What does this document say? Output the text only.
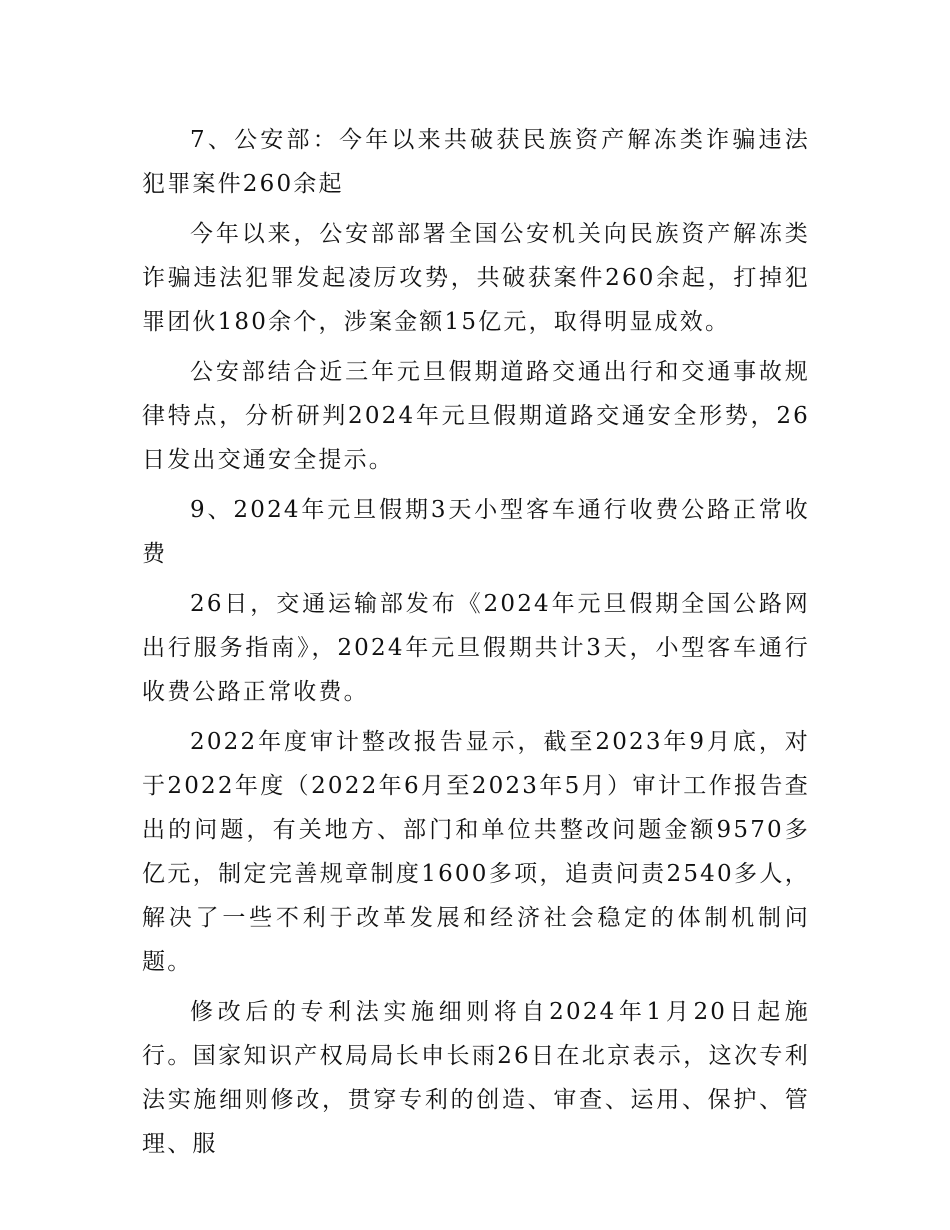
7、公安部：今年以来共破获民族资产解冻类诈骗违法犯罪案件260余起

今年以来，公安部部署全国公安机关向民族资产解冻类诈骗违法犯罪发起凌厉攻势，共破获案件260余起，打掉犯罪团伙180余个，涉案金额15亿元，取得明显成效。

公安部结合近三年元旦假期道路交通出行和交通事故规律特点，分析研判2024年元旦假期道路交通安全形势，26日发出交通安全提示。

9、2024年元旦假期3天小型客车通行收费公路正常收费

26日，交通运输部发布《2024年元旦假期全国公路网出行服务指南》，2024年元旦假期共计3天，小型客车通行收费公路正常收费。

2022年度审计整改报告显示，截至2023年9月底，对于2022年度（2022年6月至2023年5月）审计工作报告查出的问题，有关地方、部门和单位共整改问题金额9570多亿元，制定完善规章制度1600多项，追责问责2540多人，解决了一些不利于改革发展和经济社会稳定的体制机制问题。

修改后的专利法实施细则将自2024年1月20日起施行。国家知识产权局局长申长雨26日在北京表示，这次专利法实施细则修改，贯穿专利的创造、审查、运用、保护、管理、服
